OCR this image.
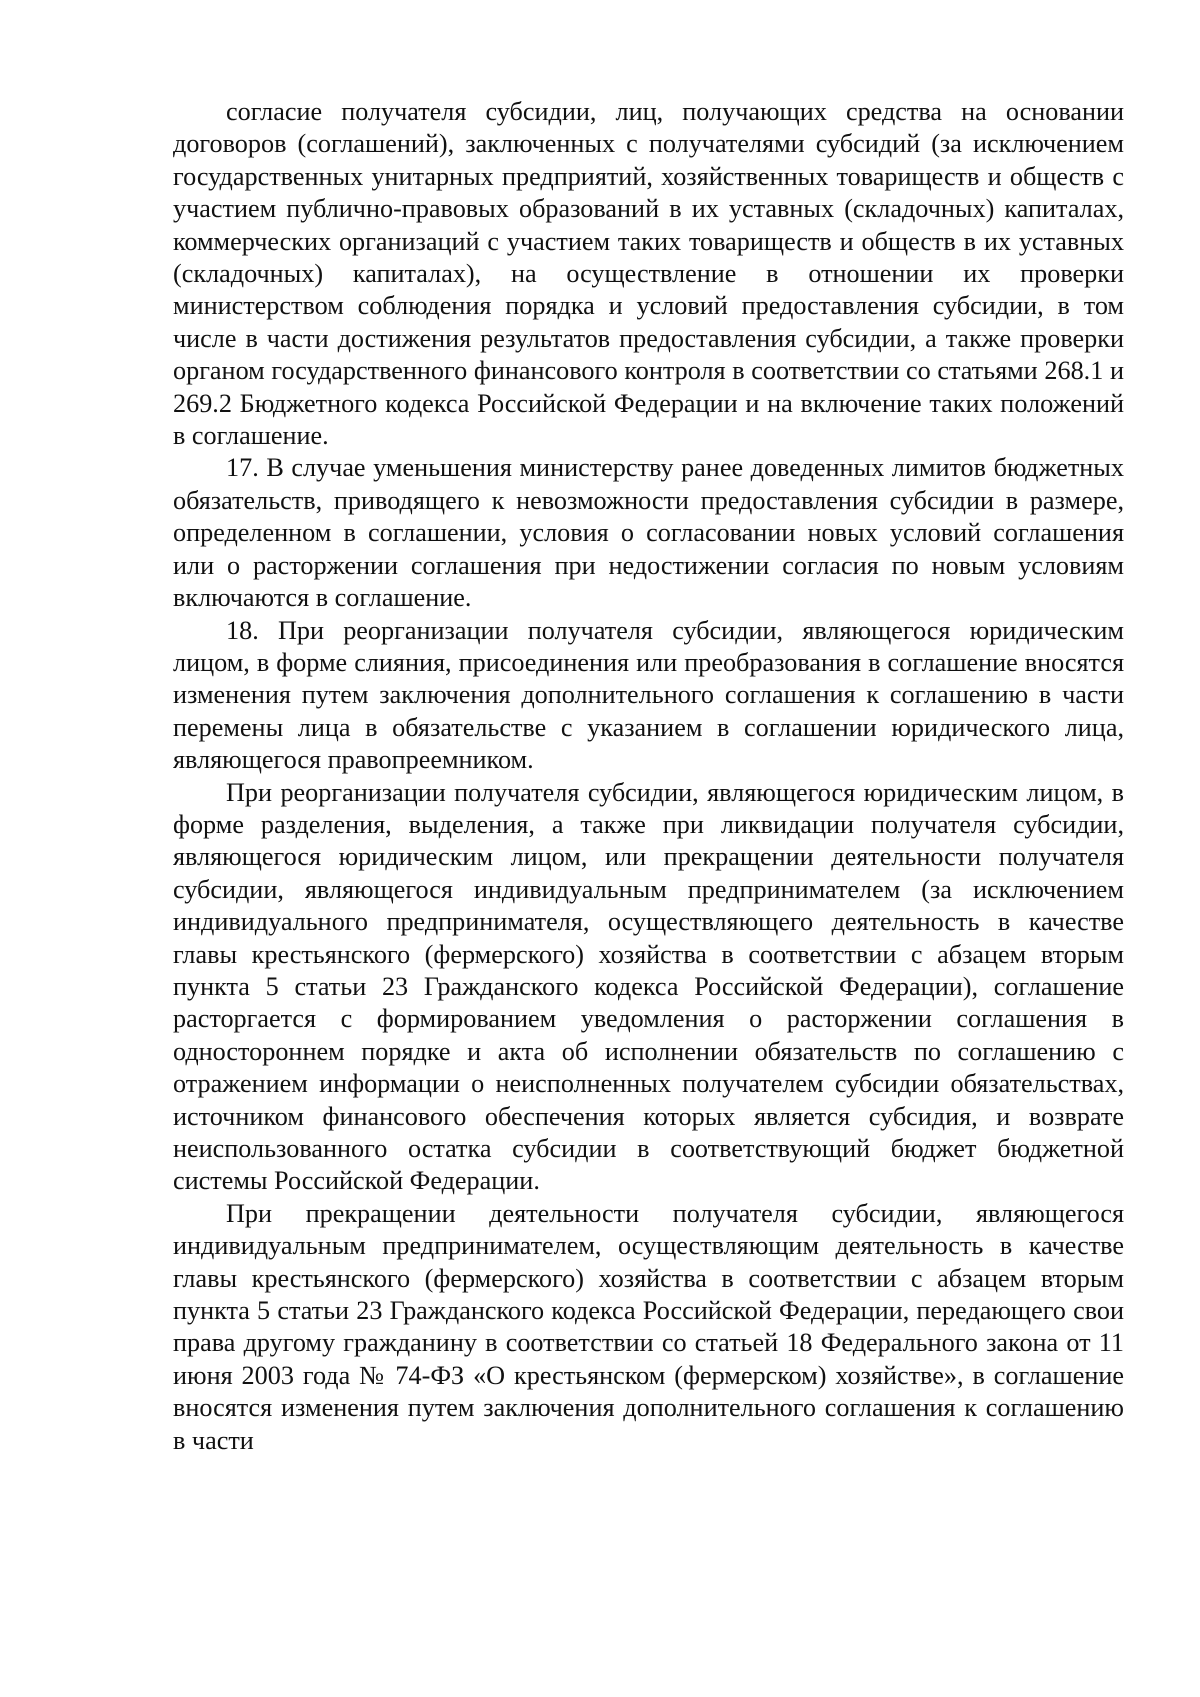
согласие получателя субсидии, лиц, получающих средства на основании договоров (соглашений), заключенных с получателями субсидий (за исключением государственных унитарных предприятий, хозяйственных товариществ и обществ с участием публично-правовых образований в их уставных (складочных) капиталах, коммерческих организаций с участием таких товариществ и обществ в их уставных (складочных) капиталах), на осуществление в отношении их проверки министерством соблюдения порядка и условий предоставления субсидии, в том числе в части достижения результатов предоставления субсидии, а также проверки органом государственного финансового контроля в соответствии со статьями 268.1 и 269.2 Бюджетного кодекса Российской Федерации и на включение таких положений в соглашение.

17. В случае уменьшения министерству ранее доведенных лимитов бюджетных обязательств, приводящего к невозможности предоставления субсидии в размере, определенном в соглашении, условия о согласовании новых условий соглашения или о расторжении соглашения при недостижении согласия по новым условиям включаются в соглашение.

18. При реорганизации получателя субсидии, являющегося юридическим лицом, в форме слияния, присоединения или преобразования в соглашение вносятся изменения путем заключения дополнительного соглашения к соглашению в части перемены лица в обязательстве с указанием в соглашении юридического лица, являющегося правопреемником.

При реорганизации получателя субсидии, являющегося юридическим лицом, в форме разделения, выделения, а также при ликвидации получателя субсидии, являющегося юридическим лицом, или прекращении деятельности получателя субсидии, являющегося индивидуальным предпринимателем (за исключением индивидуального предпринимателя, осуществляющего деятельность в качестве главы крестьянского (фермерского) хозяйства в соответствии с абзацем вторым пункта 5 статьи 23 Гражданского кодекса Российской Федерации), соглашение расторгается с формированием уведомления о расторжении соглашения в одностороннем порядке и акта об исполнении обязательств по соглашению с отражением информации о неисполненных получателем субсидии обязательствах, источником финансового обеспечения которых является субсидия, и возврате неиспользованного остатка субсидии в соответствующий бюджет бюджетной системы Российской Федерации.

При прекращении деятельности получателя субсидии, являющегося индивидуальным предпринимателем, осуществляющим деятельность в качестве главы крестьянского (фермерского) хозяйства в соответствии с абзацем вторым пункта 5 статьи 23 Гражданского кодекса Российской Федерации, передающего свои права другому гражданину в соответствии со статьей 18 Федерального закона от 11 июня 2003 года № 74-ФЗ «О крестьянском (фермерском) хозяйстве», в соглашение вносятся изменения путем заключения дополнительного соглашения к соглашению в части
